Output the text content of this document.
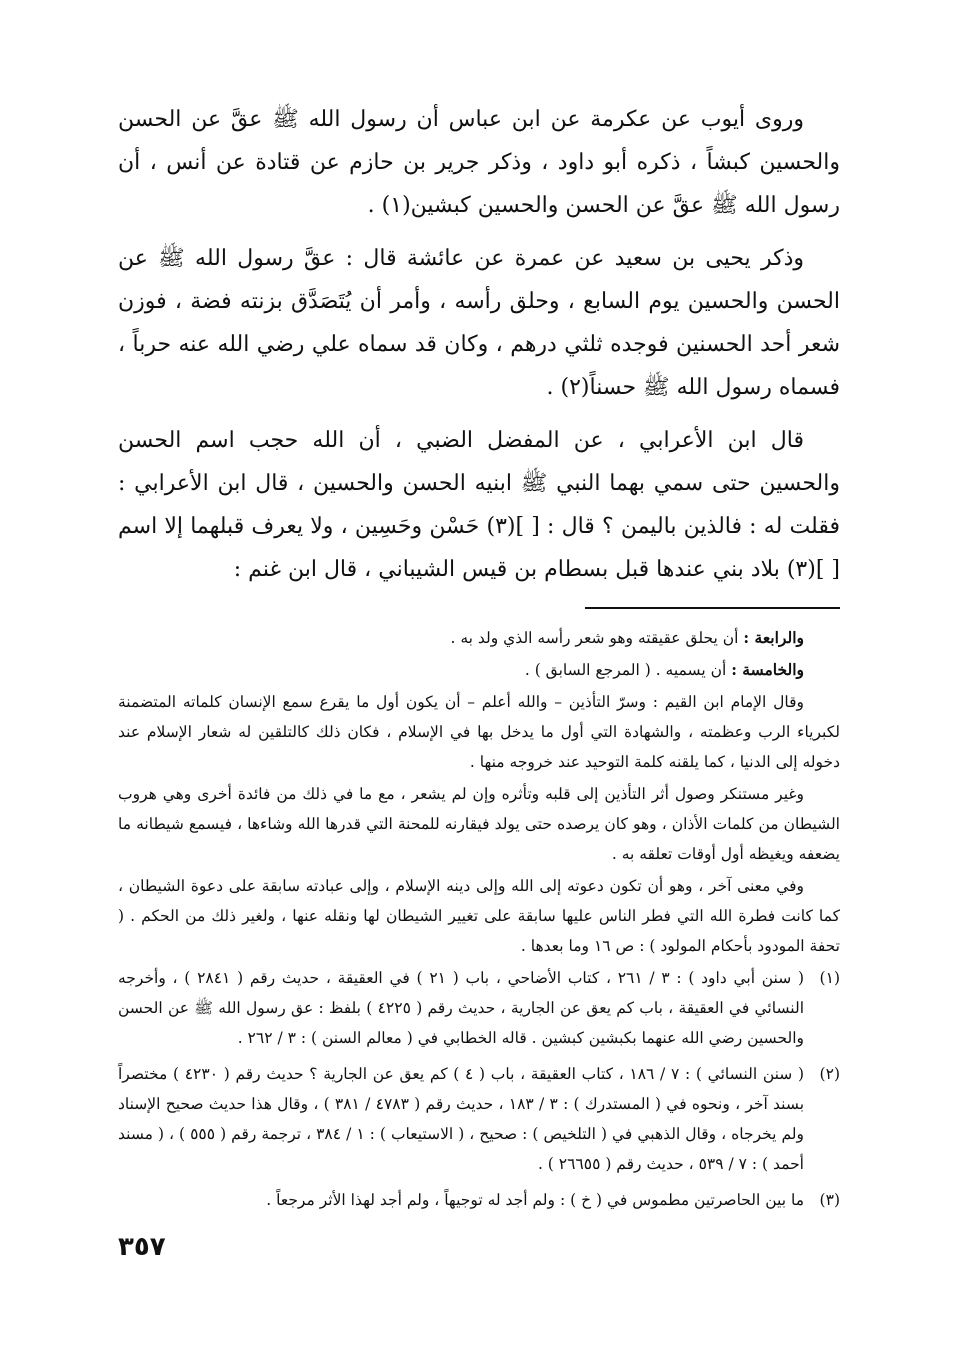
وروى أيوب عن عكرمة عن ابن عباس أن رسول الله ﷺ عقَّ عن الحسن والحسين كبشاً ، ذكره أبو داود ، وذكر جرير بن حازم عن قتادة عن أنس ، أن رسول الله ﷺ عقَّ عن الحسن والحسين كبشين(١) .

وذكر يحيى بن سعيد عن عمرة عن عائشة قال : عقَّ رسول الله ﷺ عن الحسن والحسين يوم السابع ، وحلق رأسه ، وأمر أن يُتَصَدَّق بزنته فضة ، فوزن شعر أحد الحسنين فوجده ثلثي درهم ، وكان قد سماه علي رضي الله عنه حرباً ، فسماه رسول الله ﷺ حسناً(٢) .

قال ابن الأعرابي ، عن المفضل الضبي ، أن الله حجب اسم الحسن والحسين حتى سمي بهما النبي ﷺ ابنيه الحسن والحسين ، قال ابن الأعرابي : فقلت له : فالذين باليمن ؟ قال : [ ](٣) حَسْن وحَسِين ، ولا يعرف قبلهما إلا اسم [ ](٣) بلاد بني عندها قبل بسطام بن قيس الشيباني ، قال ابن غنم :

والرابعة : أن يحلق عقيقته وهو شعر رأسه الذي ولد به .

والخامسة : أن يسميه . ( المرجع السابق ) .

وقال الإمام ابن القيم : وسرّ التأذين – والله أعلم – أن يكون أول ما يقرع سمع الإنسان كلماته المتضمنة لكبرياء الرب وعظمته ، والشهادة التي أول ما يدخل بها في الإسلام ، فكان ذلك كالتلقين له شعار الإسلام عند دخوله إلى الدنيا ، كما يلقنه كلمة التوحيد عند خروجه منها .

وغير مستنكر وصول أثر التأذين إلى قلبه وتأثره وإن لم يشعر ، مع ما في ذلك من فائدة أخرى وهي هروب الشيطان من كلمات الأذان ، وهو كان يرصده حتى يولد فيقارنه للمحنة التي قدرها الله وشاءها ، فيسمع شيطانه ما يضعفه ويغيظه أول أوقات تعلقه به .

وفي معنى آخر ، وهو أن تكون دعوته إلى الله وإلى دينه الإسلام ، وإلى عبادته سابقة على دعوة الشيطان ، كما كانت فطرة الله التي فطر الناس عليها سابقة على تغيير الشيطان لها ونقله عنها ، ولغير ذلك من الحكم . ( تحفة المودود بأحكام المولود ) : ص ١٦ وما بعدها .

(١)
( سنن أبي داود ) : ٣ / ٢٦١ ، كتاب الأضاحي ، باب ( ٢١ ) في العقيقة ، حديث رقم ( ٢٨٤١ ) ، وأخرجه النسائي في العقيقة ، باب كم يعق عن الجارية ، حديث رقم ( ٤٢٢٥ ) بلفظ : عق رسول الله ﷺ عن الحسن والحسين رضي الله عنهما بكبشين كبشين . قاله الخطابي في ( معالم السنن ) : ٣ / ٢٦٢ .
(٢)
( سنن النسائي ) : ٧ / ١٨٦ ، كتاب العقيقة ، باب ( ٤ ) كم يعق عن الجارية ؟ حديث رقم ( ٤٢٣٠ ) مختصراً بسند آخر ، ونحوه في ( المستدرك ) : ٣ / ١٨٣ ، حديث رقم ( ٤٧٨٣ / ٣٨١ ) ، وقال هذا حديث صحيح الإسناد ولم يخرجاه ، وقال الذهبي في ( التلخيص ) : صحيح ، ( الاستيعاب ) : ١ / ٣٨٤ ، ترجمة رقم ( ٥٥٥ ) ، ( مسند أحمد ) : ٧ / ٥٣٩ ، حديث رقم ( ٢٦٦٥٥ ) .
(٣)
ما بين الحاصرتين مطموس في ( خ ) : ولم أجد له توجيهاً ، ولم أجد لهذا الأثر مرجعاً .
٣٥٧
